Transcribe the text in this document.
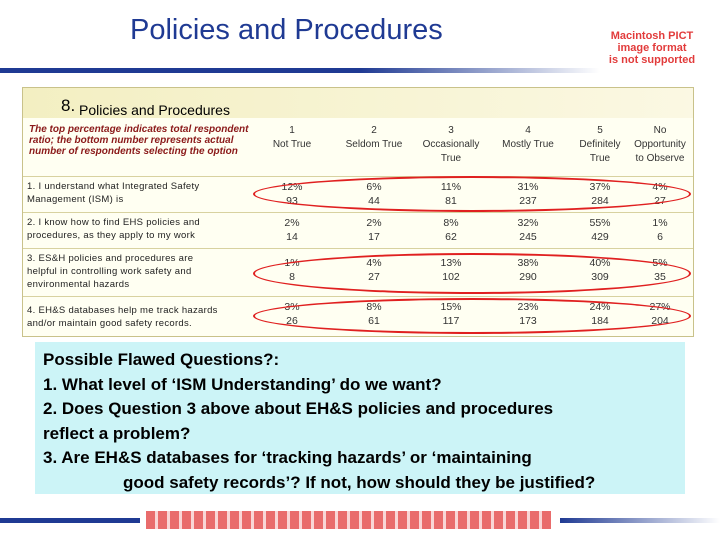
Policies and Procedures	Macintosh PICT
image format
is not supported
8. Policies and Procedures
The top percentage indicates total respondent ratio; the bottom number represents actual number of respondents selecting the option
1
Not True
2
Seldom True
3
Occasionally
True
4
Mostly True
5
Definitely
True
No
Opportunity
to Observe
1. I understand what Integrated Safety
Management (ISM) is
2. I know how to find EHS policies and
procedures, as they apply to my work
3. ES&H policies and procedures are
helpful in controlling work safety and
environmental hazards
4. EH&S databases help me track hazards
and/or maintain good safety records.
12%
93
6%
44
11%
81
31%
237
37%
284
4%
27
2%
14
2%
17
8%
62
32%
245
55%
429
1%
6
1%
8
4%
27
13%
102
38%
290
40%
309
5%
35
3%
26
8%
61
15%
117
23%
173
24%
184
27%
204
Possible Flawed Questions?:
1. What level of ‘ISM Understanding’ do we want?
2. Does Question 3 above about EH&S policies and procedures
reflect a problem?
3. Are EH&S databases for ‘tracking hazards’ or ‘maintaining
good safety records’? If not, how should they be justified?
